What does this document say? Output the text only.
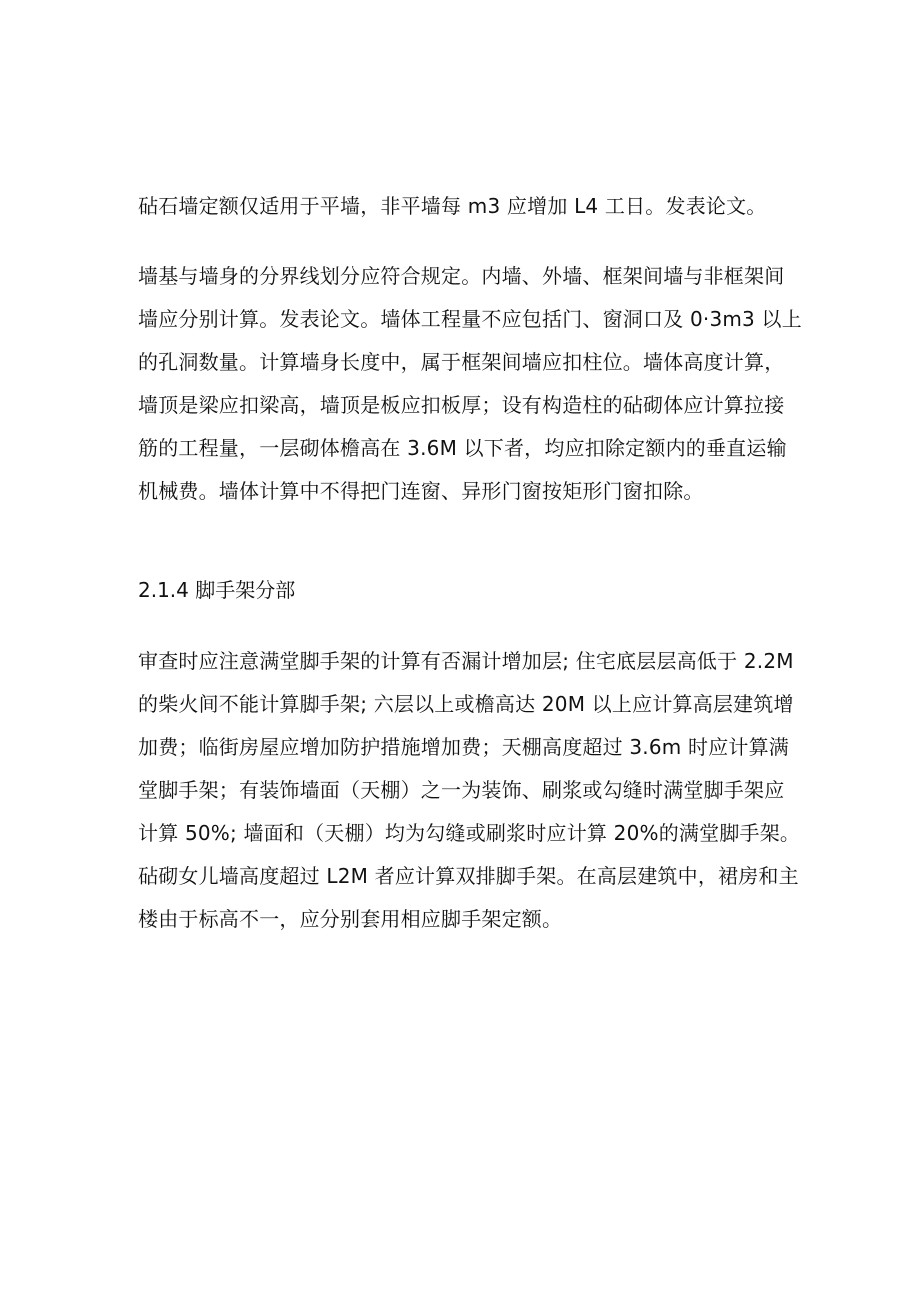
砧石墙定额仅适用于平墙，非平墙每 m3 应增加 L4 工日。发表论文。
墙基与墙身的分界线划分应符合规定。内墙、外墙、框架间墙与非框架间
墙应分别计算。发表论文。墙体工程量不应包括门、窗洞口及 0·3m3 以上
的孔洞数量。计算墙身长度中，属于框架间墙应扣柱位。墙体高度计算，
墙顶是梁应扣梁高，墙顶是板应扣板厚；设有构造柱的砧砌体应计算拉接
筋的工程量，一层砌体檐高在 3.6M 以下者，均应扣除定额内的垂直运输
机械费。墙体计算中不得把门连窗、异形门窗按矩形门窗扣除。
2.1.4 脚手架分部
审查时应注意满堂脚手架的计算有否漏计增加层; 住宅底层层高低于 2.2M
的柴火间不能计算脚手架; 六层以上或檐高达 20M 以上应计算高层建筑增
加费；临街房屋应增加防护措施增加费；天棚高度超过 3.6m 时应计算满
堂脚手架；有装饰墙面（天棚）之一为装饰、刷浆或勾缝时满堂脚手架应
计算 50%; 墙面和（天棚）均为勾缝或刷浆时应计算 20%的满堂脚手架。
砧砌女儿墙高度超过 L2M 者应计算双排脚手架。在高层建筑中，裙房和主
楼由于标高不一，应分别套用相应脚手架定额。
